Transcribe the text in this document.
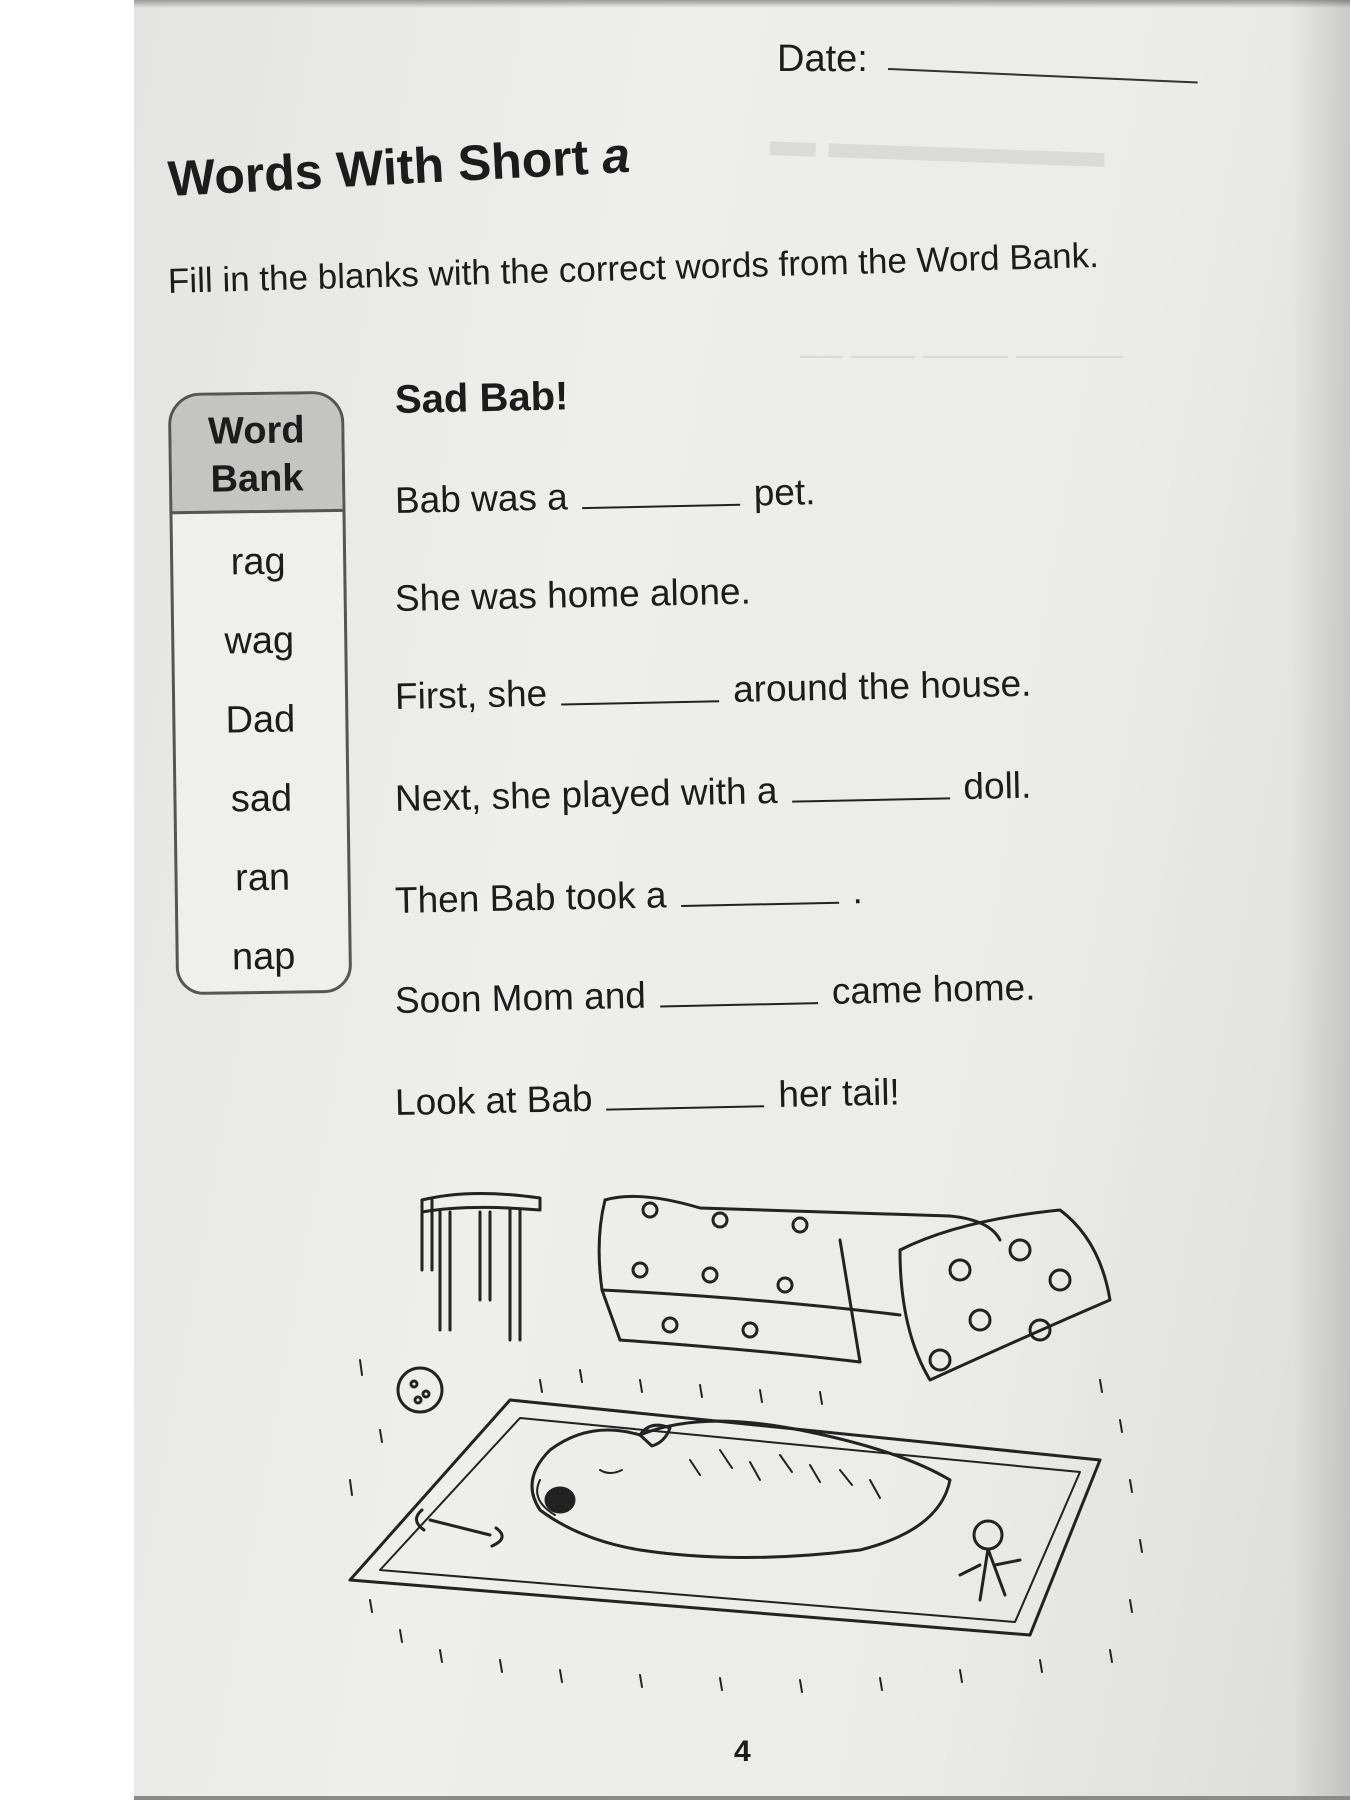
▬▬▬▬▬▬ ▬
── ─── ──── ─────
Date:
Words With Short a
Fill in the blanks with the correct words from the Word Bank.
Word
Bank
rag
wag
Dad
sad
ran
nap
Sad Bab!
Bab was a	pet.
She was home alone.
First, she	around the house.
Next, she played with a	doll.
Then Bab took a	.
Soon Mom and	came home.
Look at Bab	her tail!
4
